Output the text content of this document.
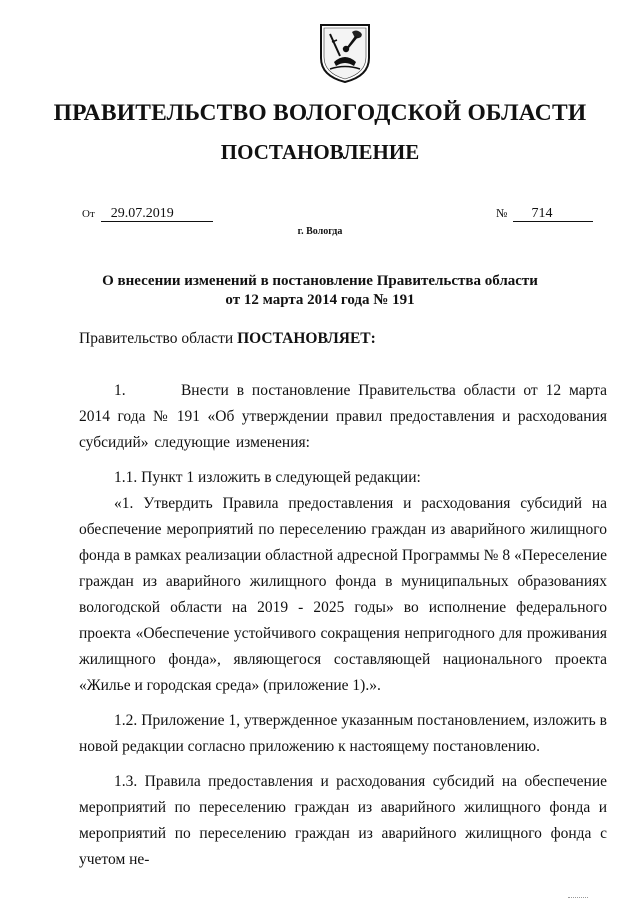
ПРАВИТЕЛЬСТВО ВОЛОГОДСКОЙ ОБЛАСТИ
ПОСТАНОВЛЕНИЕ
От 29.07.2019	№ 714
г. Вологда
О внесении изменений в постановление Правительства области
от 12 марта 2014 года № 191
Правительство области ПОСТАНОВЛЯЕТ:

1.	Внести в постановление Правительства области от 12 марта 2014 года № 191 «Об утверждении правил предоставления и расходования субсидий» следующие изменения:

1.1. Пункт 1 изложить в следующей редакции:

«1. Утвердить Правила предоставления и расходования субсидий на обеспечение мероприятий по переселению граждан из аварийного жилищного фонда в рамках реализации областной адресной Программы № 8 «Переселение граждан из аварийного жилищного фонда в муниципальных образованиях вологодской области на 2019 - 2025 годы» во исполнение федерального проекта «Обеспечение устойчивого сокращения непригодного для проживания жилищного фонда», являющегося составляющей национального проекта «Жилье и городская среда» (приложение 1).».

1.2. Приложение 1, утвержденное указанным постановлением, изложить в новой редакции согласно приложению к настоящему постановлению.

1.3. Правила предоставления и расходования субсидий на обеспечение мероприятий по переселению граждан из аварийного жилищного фонда и мероприятий по переселению граждан из аварийного жилищного фонда с учетом не-
